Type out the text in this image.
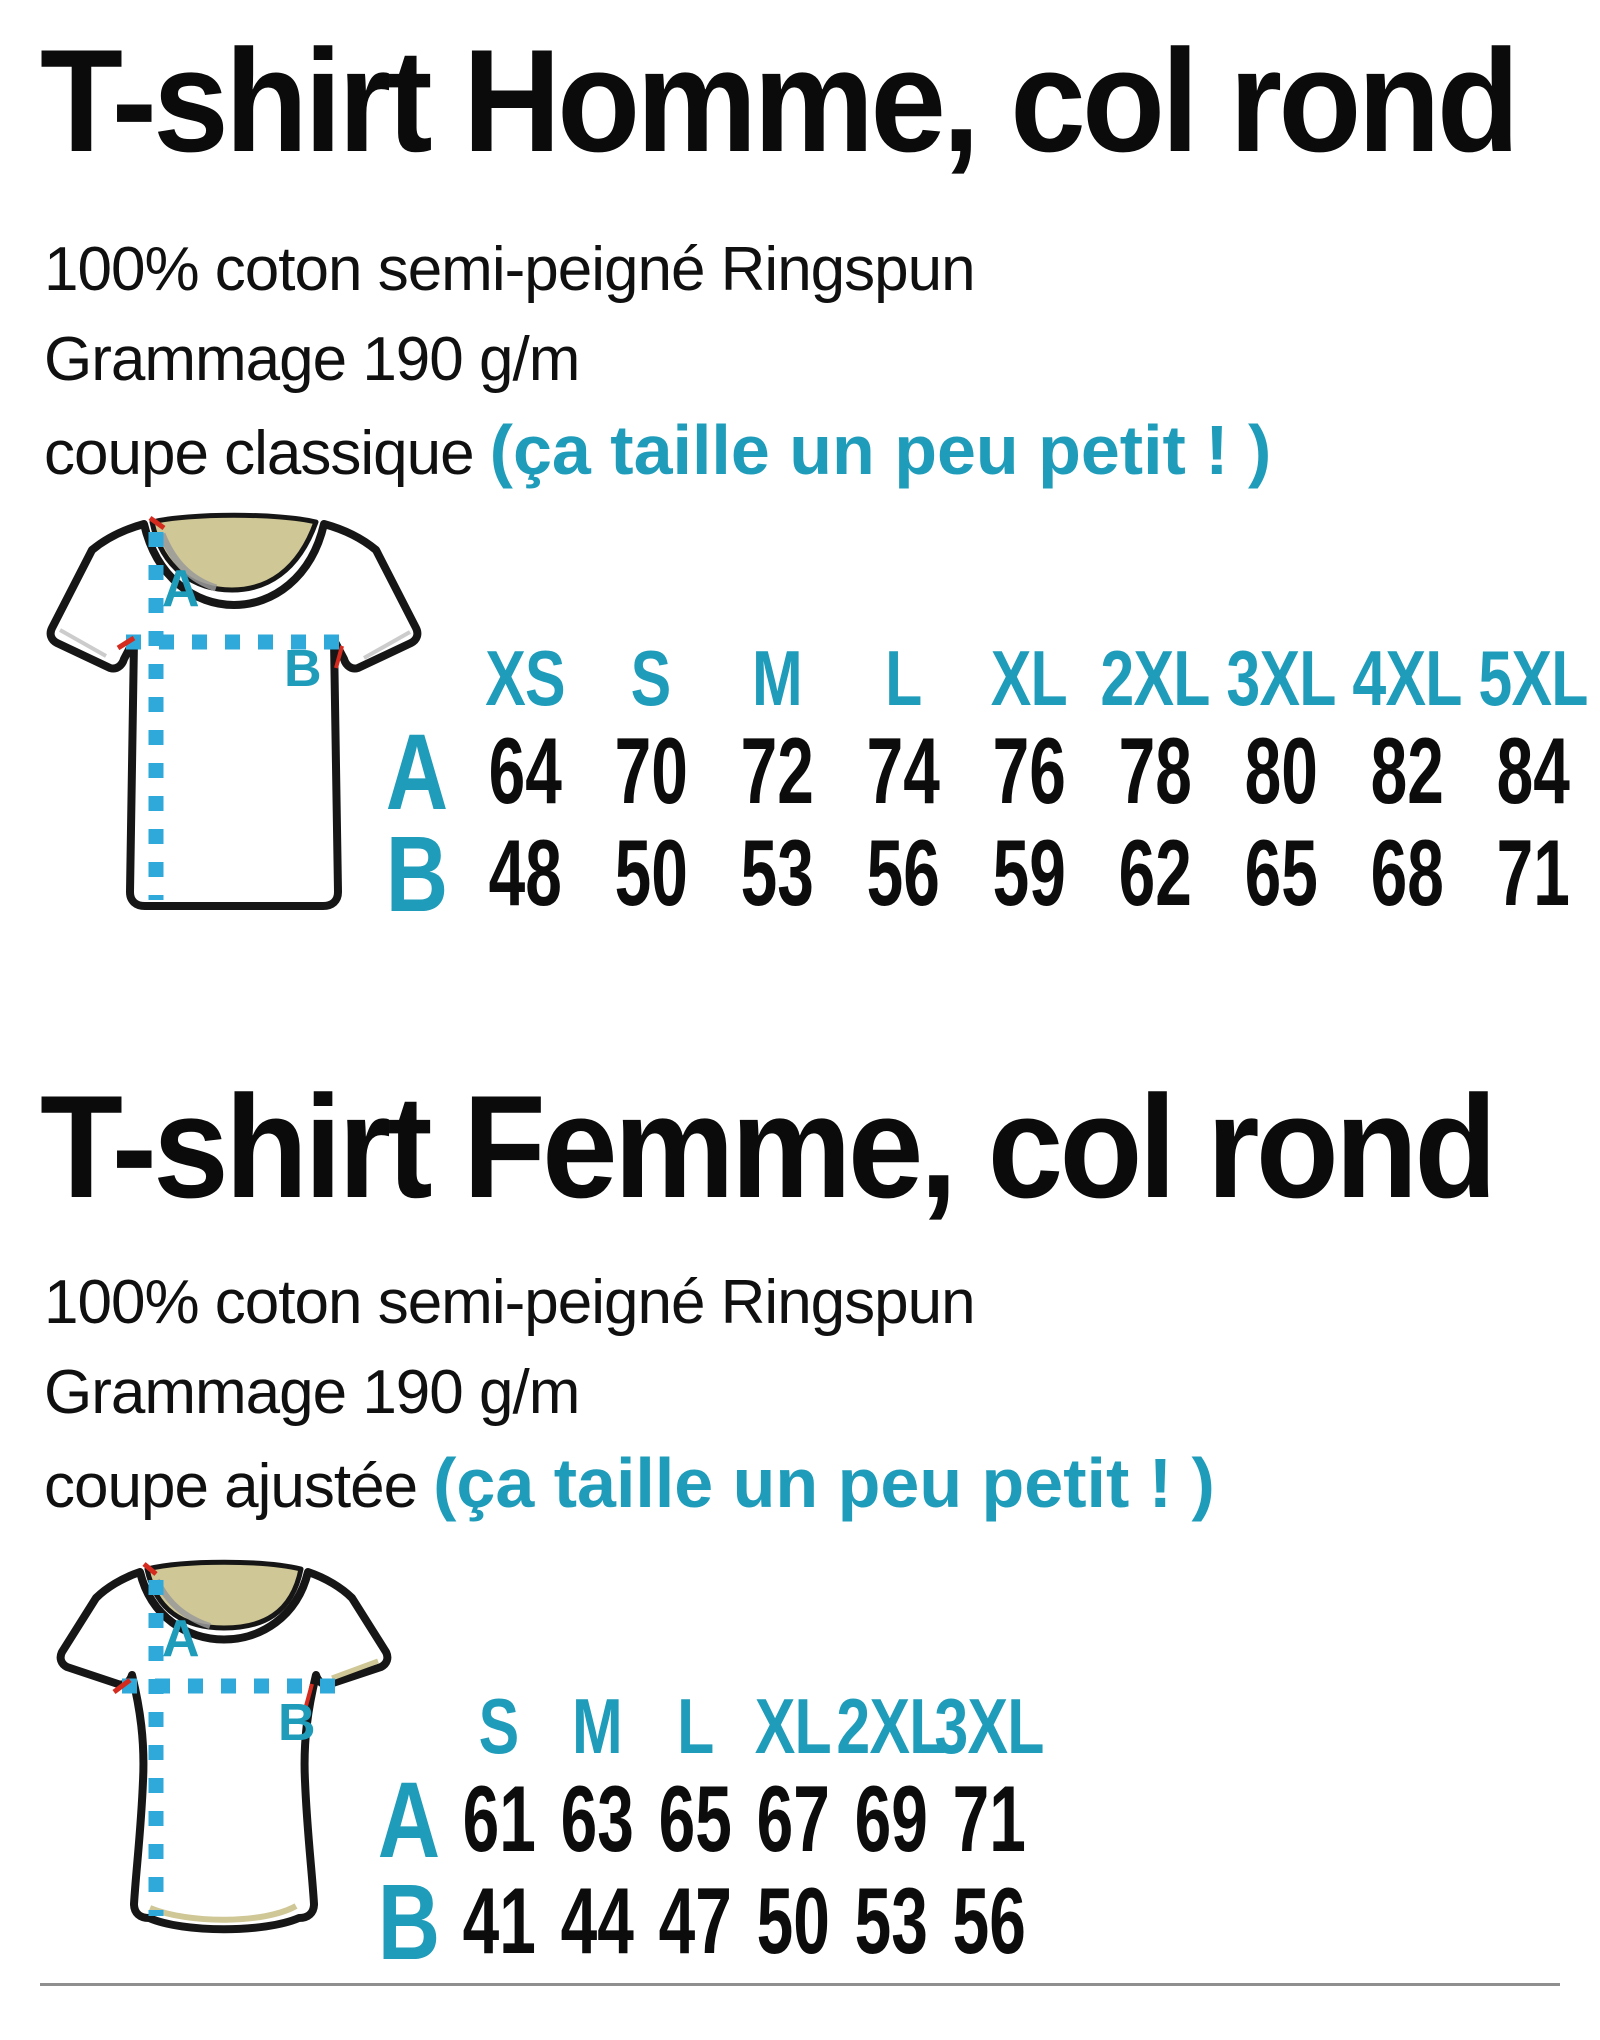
T-shirt Homme, col rond
100% coton semi-peigné Ringspun
Grammage 190 g/m
coupe classique (ça taille un peu petit ! )
A
B
A
B
XS
64
48
S
70
50
M
72
53
L
74
56
XL
76
59
2XL
78
62
3XL
80
65
4XL
82
68
5XL
84
71
T-shirt Femme, col rond
100% coton semi-peigné Ringspun
Grammage 190 g/m
coupe ajustée (ça taille un peu petit ! )
A
B
A
B
S
61
41
M
63
44
L
65
47
XL
67
50
2XL
69
53
3XL
71
56
